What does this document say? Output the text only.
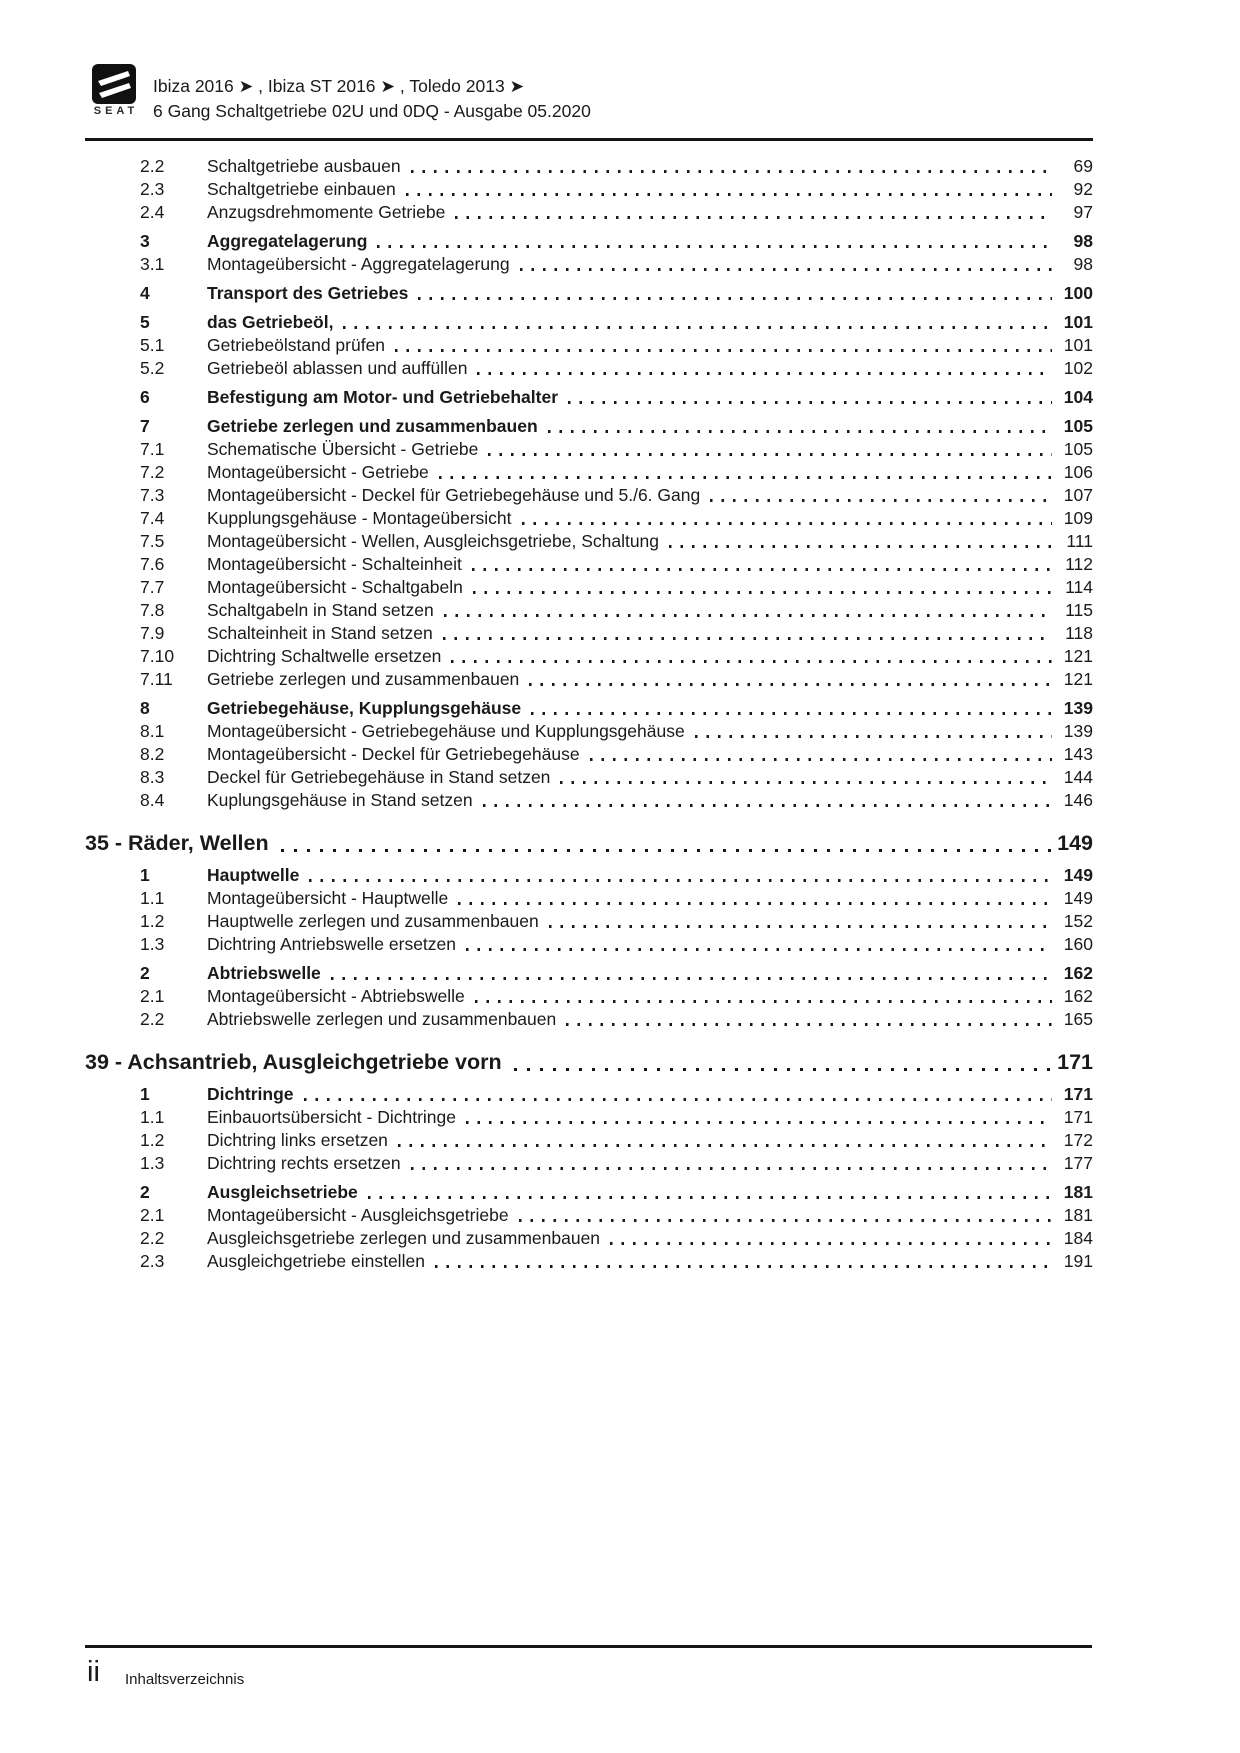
SEAT
Ibiza 2016 ➤ , Ibiza ST 2016 ➤ , Toledo 2013 ➤
6 Gang Schaltgetriebe 02U und 0DQ - Ausgabe 05.2020
2.2	Schaltgetriebe ausbauen	69
2.3	Schaltgetriebe einbauen	92
2.4	Anzugsdrehmomente Getriebe	97
3	Aggregatelagerung	98
3.1	Montageübersicht - Aggregatelagerung	98
4	Transport des Getriebes	100
5	das Getriebeöl,	101
5.1	Getriebeölstand prüfen	101
5.2	Getriebeöl ablassen und auffüllen	102
6	Befestigung am Motor- und Getriebehalter	104
7	Getriebe zerlegen und zusammenbauen	105
7.1	Schematische Übersicht - Getriebe	105
7.2	Montageübersicht - Getriebe	106
7.3	Montageübersicht - Deckel für Getriebegehäuse und 5./6. Gang	107
7.4	Kupplungsgehäuse - Montageübersicht	109
7.5	Montageübersicht - Wellen, Ausgleichsgetriebe, Schaltung	111
7.6	Montageübersicht - Schalteinheit	112
7.7	Montageübersicht - Schaltgabeln	114
7.8	Schaltgabeln in Stand setzen	115
7.9	Schalteinheit in Stand setzen	118
7.10	Dichtring Schaltwelle ersetzen	121
7.11	Getriebe zerlegen und zusammenbauen	121
8	Getriebegehäuse, Kupplungsgehäuse	139
8.1	Montageübersicht - Getriebegehäuse und Kupplungsgehäuse	139
8.2	Montageübersicht - Deckel für Getriebegehäuse	143
8.3	Deckel für Getriebegehäuse in Stand setzen	144
8.4	Kuplungsgehäuse in Stand setzen	146
35 - Räder, Wellen	149
1	Hauptwelle	149
1.1	Montageübersicht - Hauptwelle	149
1.2	Hauptwelle zerlegen und zusammenbauen	152
1.3	Dichtring Antriebswelle ersetzen	160
2	Abtriebswelle	162
2.1	Montageübersicht - Abtriebswelle	162
2.2	Abtriebswelle zerlegen und zusammenbauen	165
39 - Achsantrieb, Ausgleichgetriebe vorn	171
1	Dichtringe	171
1.1	Einbauortsübersicht - Dichtringe	171
1.2	Dichtring links ersetzen	172
1.3	Dichtring rechts ersetzen	177
2	Ausgleichsetriebe	181
2.1	Montageübersicht - Ausgleichsgetriebe	181
2.2	Ausgleichsgetriebe zerlegen und zusammenbauen	184
2.3	Ausgleichgetriebe einstellen	191
ii Inhaltsverzeichnis
